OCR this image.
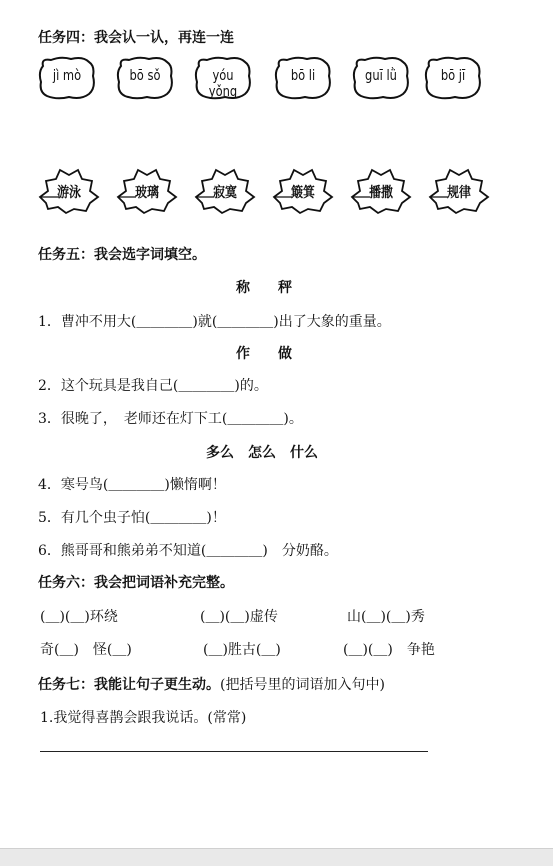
任务四：我会认一认，再连一连
jì mò	bō sǒ	yóu yǒng
bō li	guī lǜ	bō jī
游泳	玻璃	寂寞	簸箕	播撒	规律
任务五：我会选字词填空。
称　　秤
1．曹冲不用大(＿＿＿＿)就(＿＿＿＿)出了大象的重量。
作　　做
2．这个玩具是我自己(＿＿＿＿)的。
3．很晚了，　老师还在灯下工(＿＿＿＿)。
多么　怎么　什么
4．寒号鸟(＿＿＿＿)懒惰啊！
5．有几个虫子怕(＿＿＿＿)！
6．熊哥哥和熊弟弟不知道(＿＿＿＿)　分奶酪。
任务六：我会把词语补充完整。
(＿)(＿)环绕	(＿)(＿)虚传	山(＿)(＿)秀
奇(＿)　怪(＿)	(＿)胜古(＿)	(＿)(＿)　争艳
任务七：我能让句子更生动。(把括号里的词语加入句中)
1.我觉得喜鹊会跟我说话。(常常)
